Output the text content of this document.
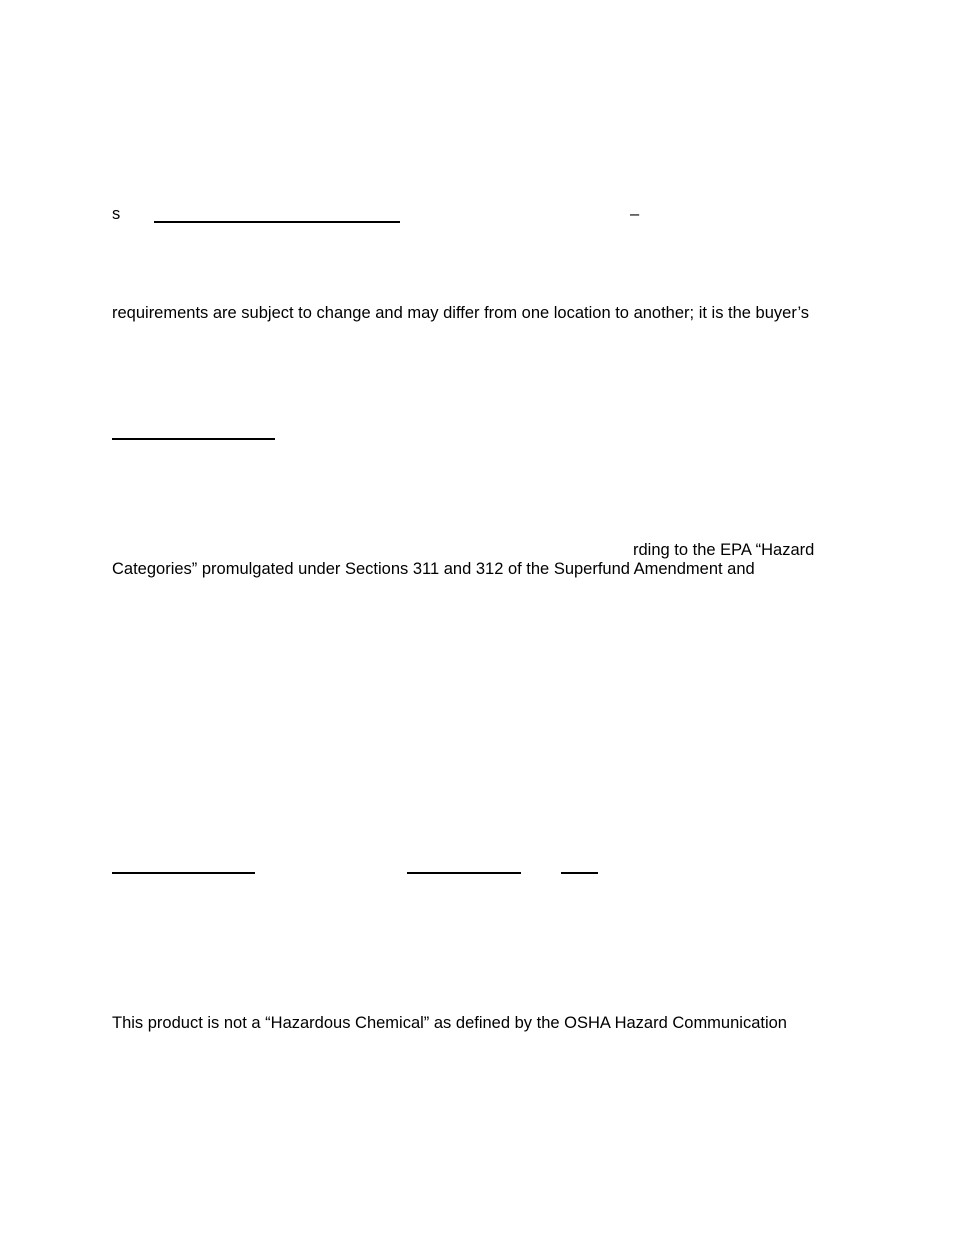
s	–
requirements are subject to change and may differ from one location to another; it is the buyer’s
rding to the EPA “Hazard
Categories” promulgated under Sections 311 and 312 of the Superfund Amendment and
This product is not a “Hazardous Chemical” as defined by the OSHA Hazard Communication
